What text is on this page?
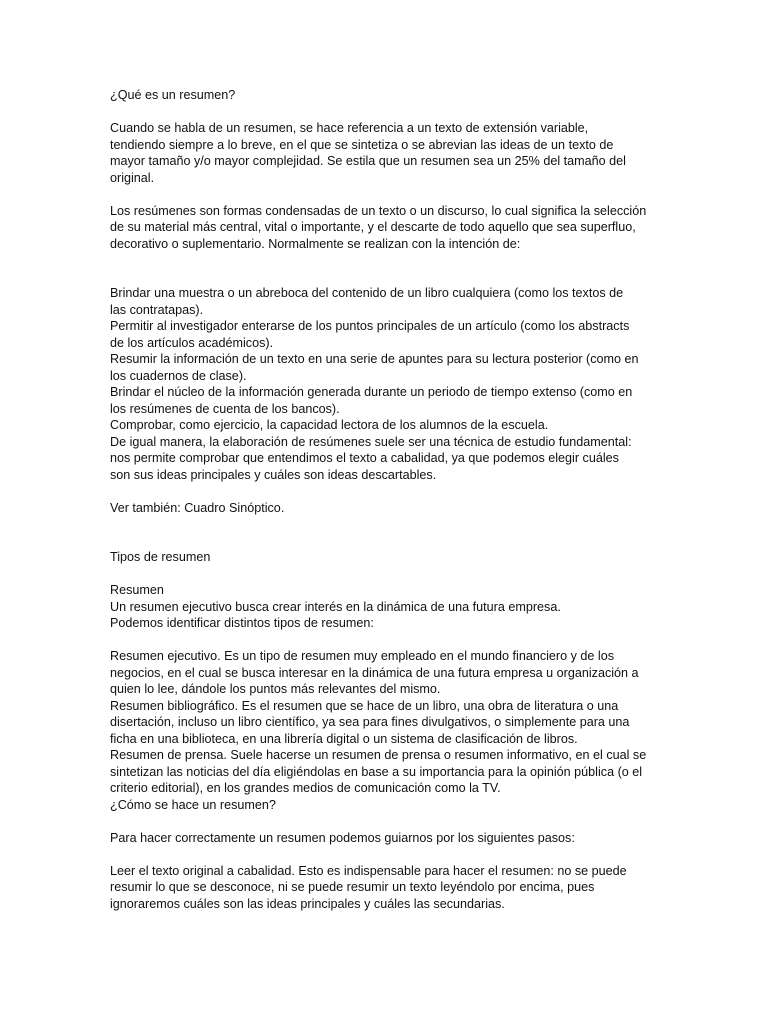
¿Qué es un resumen?

Cuando se habla de un resumen, se hace referencia a un texto de extensión variable,
tendiendo siempre a lo breve, en el que se sintetiza o se abrevian las ideas de un texto de
mayor tamaño y/o mayor complejidad. Se estila que un resumen sea un 25% del tamaño del
original.

Los resúmenes son formas condensadas de un texto o un discurso, lo cual significa la selección
de su material más central, vital o importante, y el descarte de todo aquello que sea superfluo,
decorativo o suplementario. Normalmente se realizan con la intención de:

Brindar una muestra o un abreboca del contenido de un libro cualquiera (como los textos de
las contratapas).
Permitir al investigador enterarse de los puntos principales de un artículo (como los abstracts
de los artículos académicos).
Resumir la información de un texto en una serie de apuntes para su lectura posterior (como en
los cuadernos de clase).
Brindar el núcleo de la información generada durante un periodo de tiempo extenso (como en
los resúmenes de cuenta de los bancos).
Comprobar, como ejercicio, la capacidad lectora de los alumnos de la escuela.
De igual manera, la elaboración de resúmenes suele ser una técnica de estudio fundamental:
nos permite comprobar que entendimos el texto a cabalidad, ya que podemos elegir cuáles
son sus ideas principales y cuáles son ideas descartables.

Ver también: Cuadro Sinóptico.

Tipos de resumen

Resumen
Un resumen ejecutivo busca crear interés en la dinámica de una futura empresa.
Podemos identificar distintos tipos de resumen:

Resumen ejecutivo. Es un tipo de resumen muy empleado en el mundo financiero y de los
negocios, en el cual se busca interesar en la dinámica de una futura empresa u organización a
quien lo lee, dándole los puntos más relevantes del mismo.
Resumen bibliográfico. Es el resumen que se hace de un libro, una obra de literatura o una
disertación, incluso un libro científico, ya sea para fines divulgativos, o simplemente para una
ficha en una biblioteca, en una librería digital o un sistema de clasificación de libros.
Resumen de prensa. Suele hacerse un resumen de prensa o resumen informativo, en el cual se
sintetizan las noticias del día eligiéndolas en base a su importancia para la opinión pública (o el
criterio editorial), en los grandes medios de comunicación como la TV.
¿Cómo se hace un resumen?

Para hacer correctamente un resumen podemos guiarnos por los siguientes pasos:

Leer el texto original a cabalidad. Esto es indispensable para hacer el resumen: no se puede
resumir lo que se desconoce, ni se puede resumir un texto leyéndolo por encima, pues
ignoraremos cuáles son las ideas principales y cuáles las secundarias.
